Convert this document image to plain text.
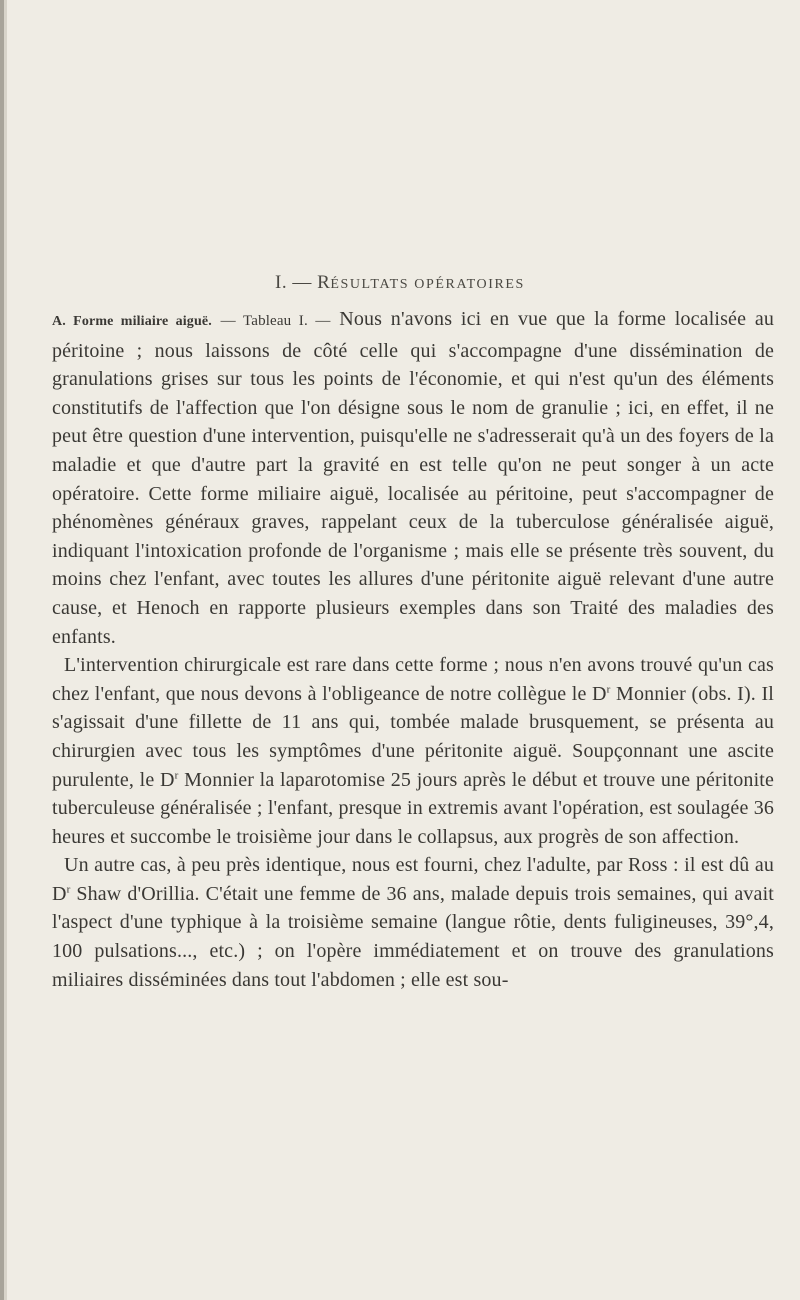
I. — RÉSULTATS OPÉRATOIRES

A. Forme miliaire aiguë. — Tableau I. — Nous n'avons ici en vue que la forme localisée au péritoine ; nous laissons de côté celle qui s'accompagne d'une dissémination de granulations grises sur tous les points de l'économie, et qui n'est qu'un des éléments constitutifs de l'affection que l'on désigne sous le nom de granulie ; ici, en effet, il ne peut être question d'une intervention, puisqu'elle ne s'adresserait qu'à un des foyers de la maladie et que d'autre part la gravité en est telle qu'on ne peut songer à un acte opératoire. Cette forme miliaire aiguë, localisée au péritoine, peut s'accompagner de phénomènes généraux graves, rappelant ceux de la tuberculose généralisée aiguë, indiquant l'intoxication profonde de l'organisme ; mais elle se présente très souvent, du moins chez l'enfant, avec toutes les allures d'une péritonite aiguë relevant d'une autre cause, et Henoch en rapporte plusieurs exemples dans son Traité des maladies des enfants.

L'intervention chirurgicale est rare dans cette forme ; nous n'en avons trouvé qu'un cas chez l'enfant, que nous devons à l'obligeance de notre collègue le $D^r$ Monnier (obs. I). Il s'agissait d'une fillette de 11 ans qui, tombée malade brusquement, se présenta au chirurgien avec tous les symptômes d'une péritonite aiguë. Soupçonnant une ascite purulente, le $D^r$ Monnier la laparotomise 25 jours après le début et trouve une péritonite tuberculeuse généralisée ; l'enfant, presque in extremis avant l'opération, est soulagée 36 heures et succombe le troisième jour dans le collapsus, aux progrès de son affection.

Un autre cas, à peu près identique, nous est fourni, chez l'adulte, par Ross : il est dû au $D^r$ Shaw d'Orillia. C'était une femme de 36 ans, malade depuis trois semaines, qui avait l'aspect d'une typhique à la troisième semaine (langue rôtie, dents fuligineuses, 39°,4, 100 pulsations..., etc.) ; on l'opère immédiatement et on trouve des granulations miliaires disséminées dans tout l'abdomen ; elle est sou-
